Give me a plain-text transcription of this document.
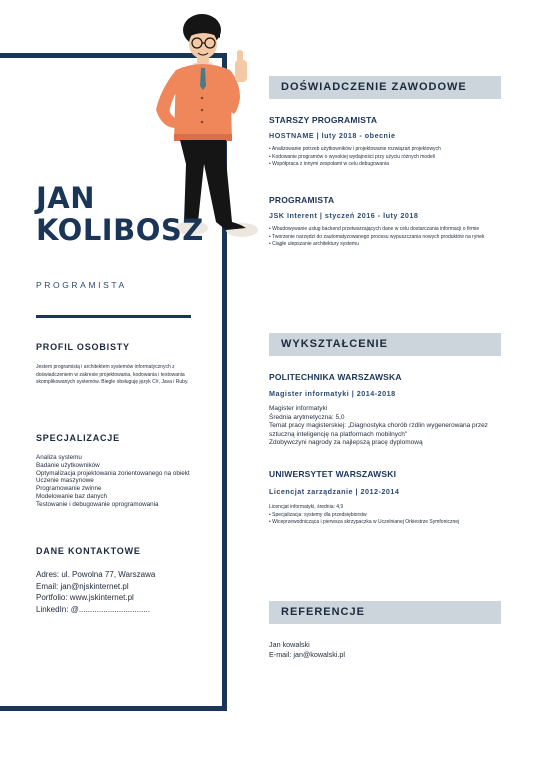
JAN
KOLIBOSZ
PROGRAMISTA
PROFIL OSOBISTY
Jestem programistą i architektem systemów informatycznych z doświadczeniem w zakresie projektowania, kodowania i testowania skomplikowanych systemów. Biegle obsługuję język C#, Java i Ruby.
SPECJALIZACJE
Analiza systemu
Badanie użytkowników
Optymalizacja projektowania zorientowanego na obiekt
Uczenie maszynowe
Programowanie zwinne
Modelowanie baz danych
Testowanie i debugowanie oprogramowania
DANE KONTAKTOWE
Adres: ul. Powolna 77, Warszawa
Email: jan@njskinternet.pl
Portfolio: www.jskinternet.pl
LinkedIn: @................................
DOŚWIADCZENIE ZAWODOWE
STARSZY PROGRAMISTA
HOSTNAME | luty 2018 - obecnie
• Analizowanie potrzeb użytkowników i projektowanie rozwiązań projektowych
• Kodowanie programów o wysokiej wydajności przy użyciu różnych modeli
• Współpraca z innymi zespołami w celu debugowania
PROGRAMISTA
JSK Interent | styczeń 2016 - luty 2018
• Wbudowywanie usług backend przetwarzających dane w celu dostarczania informacji o firmie
• Tworzenie narzędzi do zautomatyzowanego procesu wypuszczania nowych produktów na rynek
• Ciągłe ulepszanie architektury systemu
WYKSZTAŁCENIE
POLITECHNIKA WARSZAWSKA
Magister informatyki | 2014-2018
Magister informatyki
Średnia arytmetyczna: 5,0
Temat pracy magisterskiej: „Diagnostyka chorób rzdlin wygenerowana przez sztuczną inteligencję na platformach mobilnych"
Zdobywczyni nagrody za najlepszą pracę dyplomową
UNIWERSYTET WARSZAWSKI
Licencjat zarządzanie | 2012-2014
Licencjat informatyki, średnia: 4,9
• Specjalizacja: systemy dla przedsiębiorstw
• Wiceprzewodnicząca i pierwsza skrzypaczka w Uczelnianej Orkiestrze Symfonicznej
REFERENCJE
Jan kowalski
E-mail: jan@kowalski.pl
